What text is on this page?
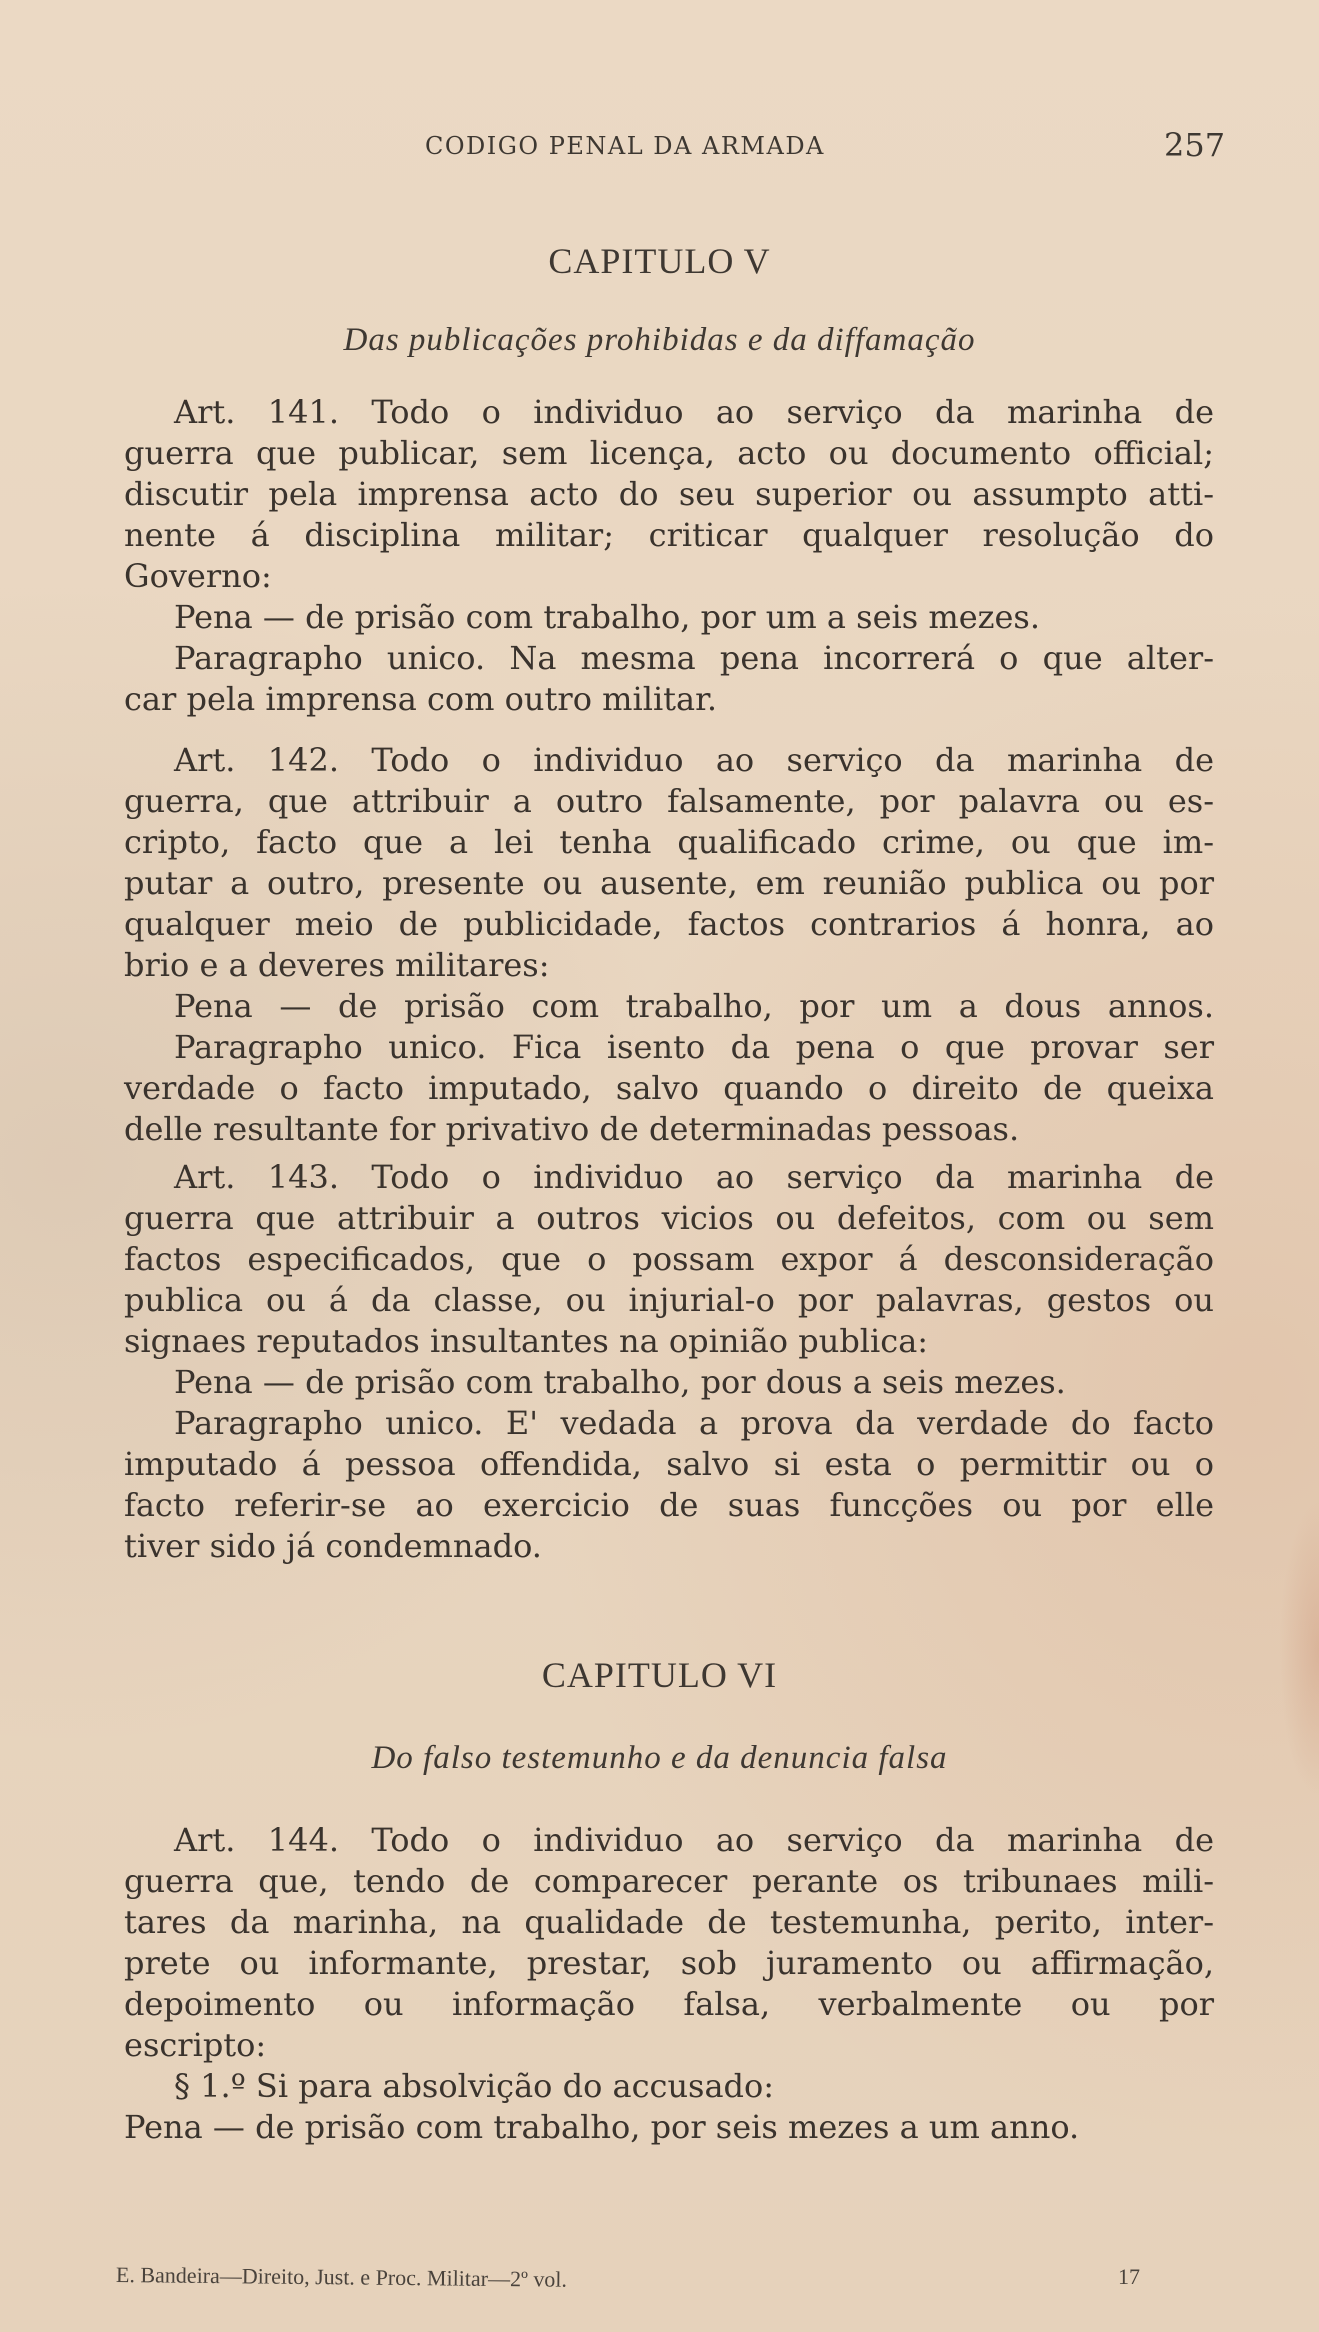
CODIGO PENAL DA ARMADA	257
CAPITULO V
Das publicações prohibidas e da diffamação
Art. 141. Todo o individuo ao serviço da marinha de
guerra que publicar, sem licença, acto ou documento official;
discutir pela imprensa acto do seu superior ou assumpto atti-
nente á disciplina militar; criticar qualquer resolução do
Governo:
Pena — de prisão com trabalho, por um a seis mezes.
Paragrapho unico. Na mesma pena incorrerá o que alter-
car pela imprensa com outro militar.
Art. 142. Todo o individuo ao serviço da marinha de
guerra, que attribuir a outro falsamente, por palavra ou es-
cripto, facto que a lei tenha qualificado crime, ou que im-
putar a outro, presente ou ausente, em reunião publica ou por
qualquer meio de publicidade, factos contrarios á honra, ao
brio e a deveres militares:
Pena — de prisão com trabalho, por um a dous annos.
Paragrapho unico. Fica isento da pena o que provar ser
verdade o facto imputado, salvo quando o direito de queixa
delle resultante for privativo de determinadas pessoas.
Art. 143. Todo o individuo ao serviço da marinha de
guerra que attribuir a outros vicios ou defeitos, com ou sem
factos especificados, que o possam expor á desconsideração
publica ou á da classe, ou injurial-o por palavras, gestos ou
signaes reputados insultantes na opinião publica:
Pena — de prisão com trabalho, por dous a seis mezes.
Paragrapho unico. E' vedada a prova da verdade do facto
imputado á pessoa offendida, salvo si esta o permittir ou o
facto referir-se ao exercicio de suas funcções ou por elle
tiver sido já condemnado.
CAPITULO VI
Do falso testemunho e da denuncia falsa
Art. 144. Todo o individuo ao serviço da marinha de
guerra que, tendo de comparecer perante os tribunaes mili-
tares da marinha, na qualidade de testemunha, perito, inter-
prete ou informante, prestar, sob juramento ou affirmação,
depoimento ou informação falsa, verbalmente ou por
escripto:
§ 1.º Si para absolvição do accusado:
Pena — de prisão com trabalho, por seis mezes a um anno.
E. Bandeira—Direito, Just. e Proc. Militar—2º vol.	17
